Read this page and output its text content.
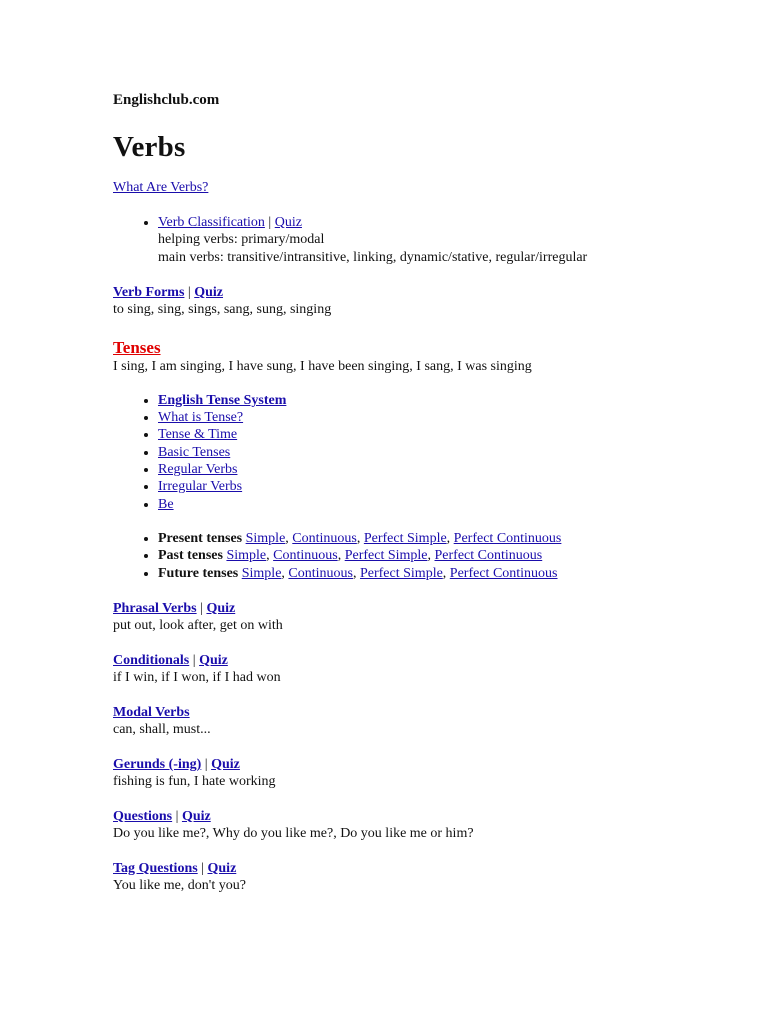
Englishclub.com

Verbs
What Are Verbs?
• Verb Classification | Quiz
helping verbs: primary/modal
main verbs: transitive/intransitive, linking, dynamic/stative, regular/irregular
Verb Forms | Quiz
to sing, sing, sings, sang, sung, singing
Tenses
I sing, I am singing, I have sung, I have been singing, I sang, I was singing
• English Tense System
• What is Tense?
• Tense & Time
• Basic Tenses
• Regular Verbs
• Irregular Verbs
• Be
• Present tenses Simple, Continuous, Perfect Simple, Perfect Continuous
• Past tenses Simple, Continuous, Perfect Simple, Perfect Continuous
• Future tenses Simple, Continuous, Perfect Simple, Perfect Continuous
Phrasal Verbs | Quiz
put out, look after, get on with
Conditionals | Quiz
if I win, if I won, if I had won
Modal Verbs
can, shall, must...
Gerunds (-ing) | Quiz
fishing is fun, I hate working
Questions | Quiz
Do you like me?, Why do you like me?, Do you like me or him?
Tag Questions | Quiz
You like me, don't you?
